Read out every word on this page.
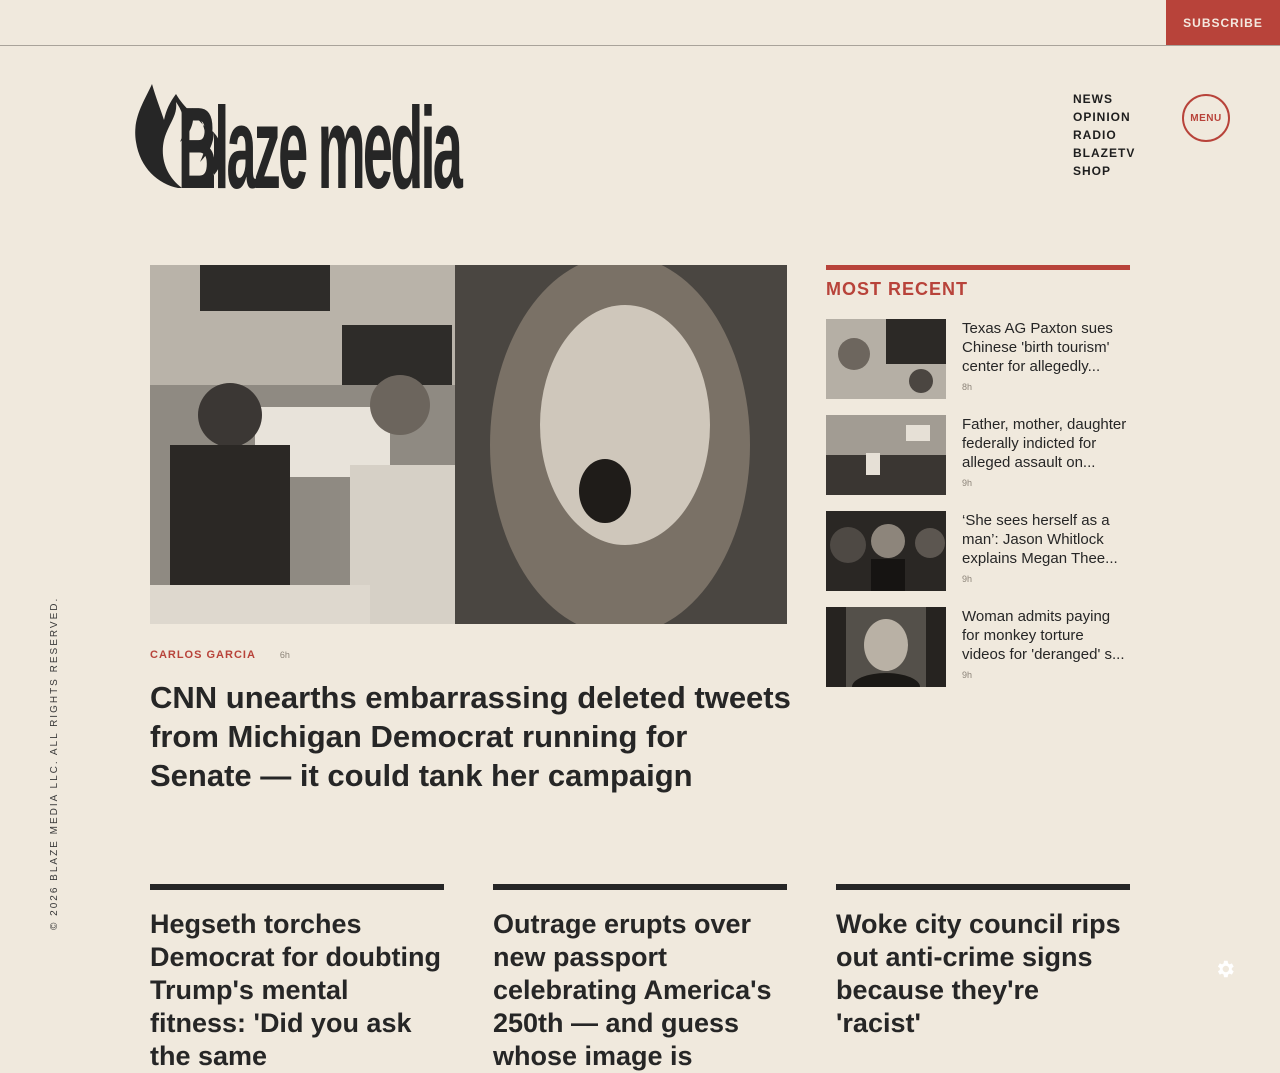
SUBSCRIBE
Blaze media	NEWS
OPINION
RADIO
BLAZETV
SHOP
MENU
CARLOS GARCIA	6h
CNN unearths embarrassing deleted tweets from Michigan Democrat running for Senate — it could tank her campaign
MOST RECENT
Texas AG Paxton sues Chinese 'birth tourism' center for allegedly...
8h
Father, mother, daughter federally indicted for alleged assault on...
9h
‘She sees herself as a man’: Jason Whitlock explains Megan Thee...
9h
Woman admits paying for monkey torture videos for 'deranged' s...
9h
© 2026 BLAZE MEDIA LLC. ALL RIGHTS RESERVED.	Hegseth torches Democrat for doubting Trump's mental fitness: 'Did you ask the same
Outrage erupts over new passport celebrating America's 250th — and guess whose image is
Woke city council rips out anti-crime signs because they're 'racist'
